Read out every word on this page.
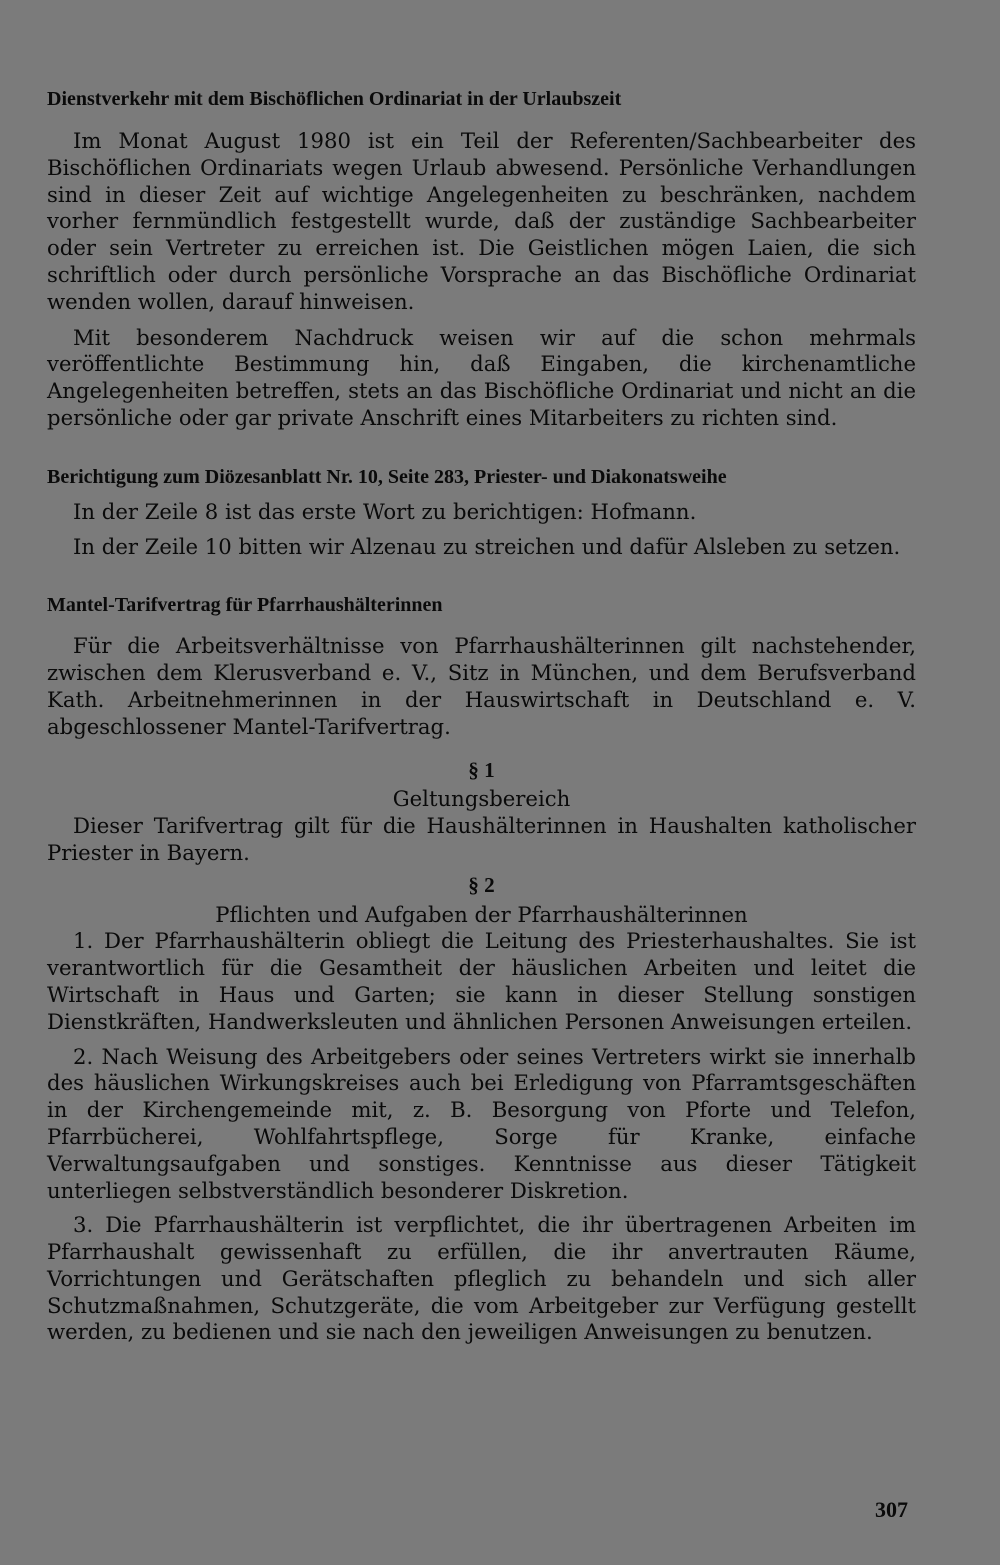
Dienstverkehr mit dem Bischöflichen Ordinariat in der Urlaubszeit

Im Monat August 1980 ist ein Teil der Referenten/Sachbearbeiter des Bischöflichen Ordinariats wegen Urlaub abwesend. Persönliche Verhandlungen sind in dieser Zeit auf wichtige Angelegenheiten zu beschränken, nachdem vorher fernmündlich festgestellt wurde, daß der zuständige Sachbearbeiter oder sein Vertreter zu erreichen ist. Die Geistlichen mögen Laien, die sich schriftlich oder durch persönliche Vorsprache an das Bischöfliche Ordinariat wenden wollen, darauf hinweisen.

Mit besonderem Nachdruck weisen wir auf die schon mehrmals veröffentlichte Bestimmung hin, daß Eingaben, die kirchenamtliche Angelegenheiten betreffen, stets an das Bischöfliche Ordinariat und nicht an die persönliche oder gar private Anschrift eines Mitarbeiters zu richten sind.

Berichtigung zum Diözesanblatt Nr. 10, Seite 283, Priester- und Diakonatsweihe

In der Zeile 8 ist das erste Wort zu berichtigen: Hofmann.

In der Zeile 10 bitten wir Alzenau zu streichen und dafür Alsleben zu setzen.

Mantel-Tarifvertrag für Pfarrhaushälterinnen

Für die Arbeitsverhältnisse von Pfarrhaushälterinnen gilt nachstehender, zwischen dem Klerusverband e. V., Sitz in München, und dem Berufsverband Kath. Arbeitnehmerinnen in der Hauswirtschaft in Deutschland e. V. abgeschlossener Mantel-Tarifvertrag.

§ 1

Geltungsbereich

Dieser Tarifvertrag gilt für die Haushälterinnen in Haushalten katholischer Priester in Bayern.

§ 2

Pflichten und Aufgaben der Pfarrhaushälterinnen

1. Der Pfarrhaushälterin obliegt die Leitung des Priesterhaushaltes. Sie ist verantwortlich für die Gesamtheit der häuslichen Arbeiten und leitet die Wirtschaft in Haus und Garten; sie kann in dieser Stellung sonstigen Dienstkräften, Handwerksleuten und ähnlichen Personen Anweisungen erteilen.

2. Nach Weisung des Arbeitgebers oder seines Vertreters wirkt sie innerhalb des häuslichen Wirkungskreises auch bei Erledigung von Pfarramtsgeschäften in der Kirchengemeinde mit, z. B. Besorgung von Pforte und Telefon, Pfarrbücherei, Wohlfahrtspflege, Sorge für Kranke, einfache Verwaltungsaufgaben und sonstiges. Kenntnisse aus dieser Tätigkeit unterliegen selbstverständlich besonderer Diskretion.

3. Die Pfarrhaushälterin ist verpflichtet, die ihr übertragenen Arbeiten im Pfarrhaushalt gewissenhaft zu erfüllen, die ihr anvertrauten Räume, Vorrichtungen und Gerätschaften pfleglich zu behandeln und sich aller Schutzmaßnahmen, Schutzgeräte, die vom Arbeitgeber zur Verfügung gestellt werden, zu bedienen und sie nach den jeweiligen Anweisungen zu benutzen.

307
